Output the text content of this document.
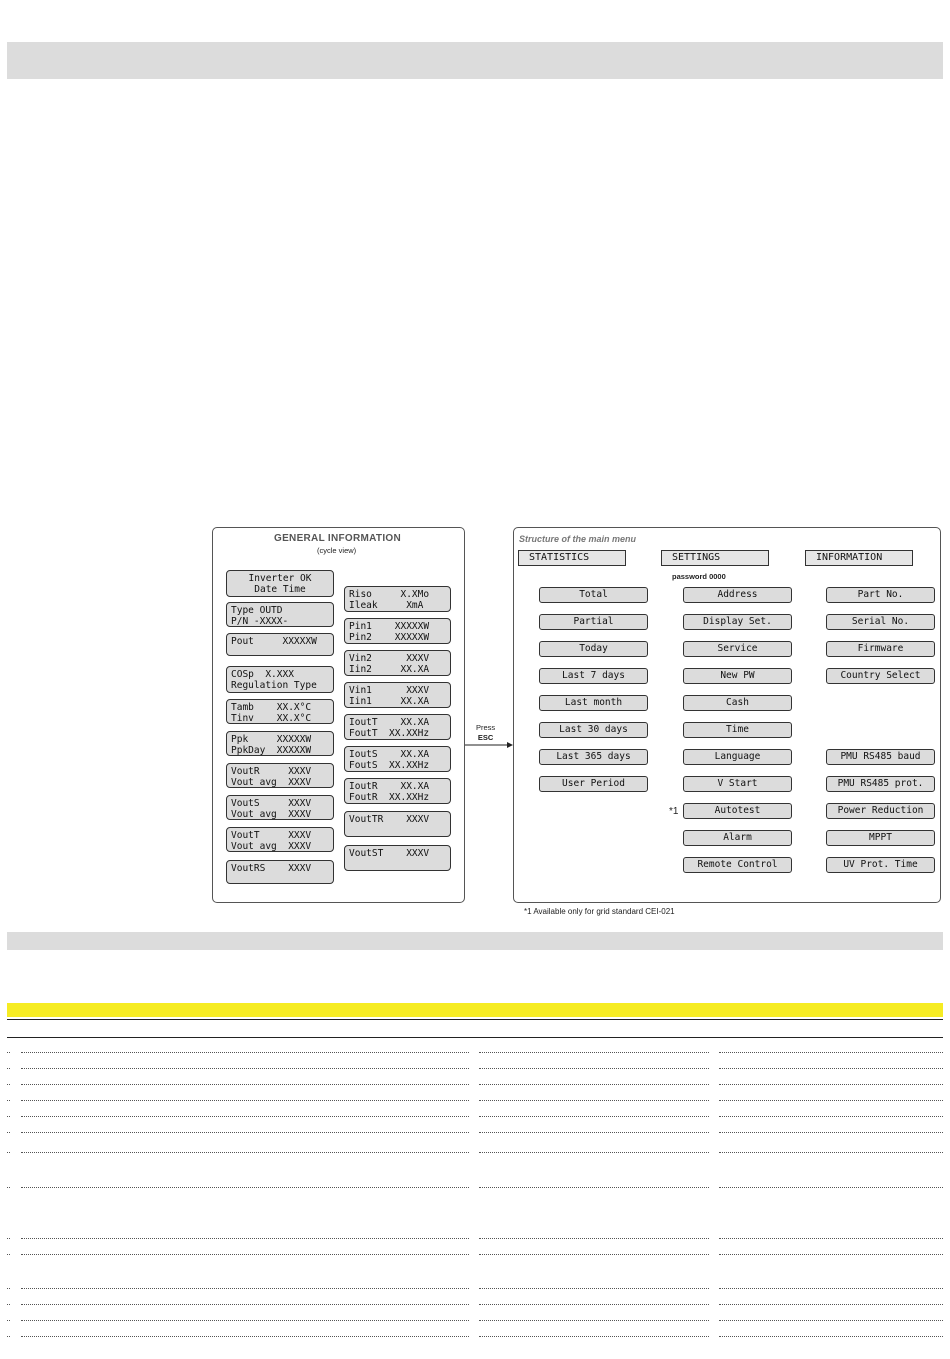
GENERAL INFORMATION
(cycle view)
Inverter OK
Date Time
Type OUTD
P/N -XXXX-
Pout     XXXXXW
COSp  X.XXX
Regulation Type
Tamb    XX.X°C
Tinv    XX.X°C
Ppk     XXXXXW
PpkDay  XXXXXW
VoutR     XXXV
Vout avg  XXXV
VoutS     XXXV
Vout avg  XXXV
VoutT     XXXV
Vout avg  XXXV
VoutRS    XXXV
Riso     X.XMo
Ileak     XmA
Pin1    XXXXXW
Pin2    XXXXXW
Vin2      XXXV
Iin2     XX.XA
Vin1      XXXV
Iin1     XX.XA
IoutT    XX.XA
FoutT  XX.XXHz
IoutS    XX.XA
FoutS  XX.XXHz
IoutR    XX.XA
FoutR  XX.XXHz
VoutTR    XXXV
VoutST    XXXV
Press
ESC
Structure of the main menu
STATISTICS	SETTINGS	INFORMATION
password 0000
*1
Total
Partial
Today
Last 7 days
Last month
Last 30 days
Last 365 days
User Period
Address
Display Set.
Service
New PW
Cash
Time
Language
V Start
Autotest
Alarm
Remote Control
Part No.
Serial No.
Firmware
Country Select
PMU RS485 baud
PMU RS485 prot.
Power Reduction
MPPT
UV Prot. Time
*1 Available only for grid standard CEI-021
